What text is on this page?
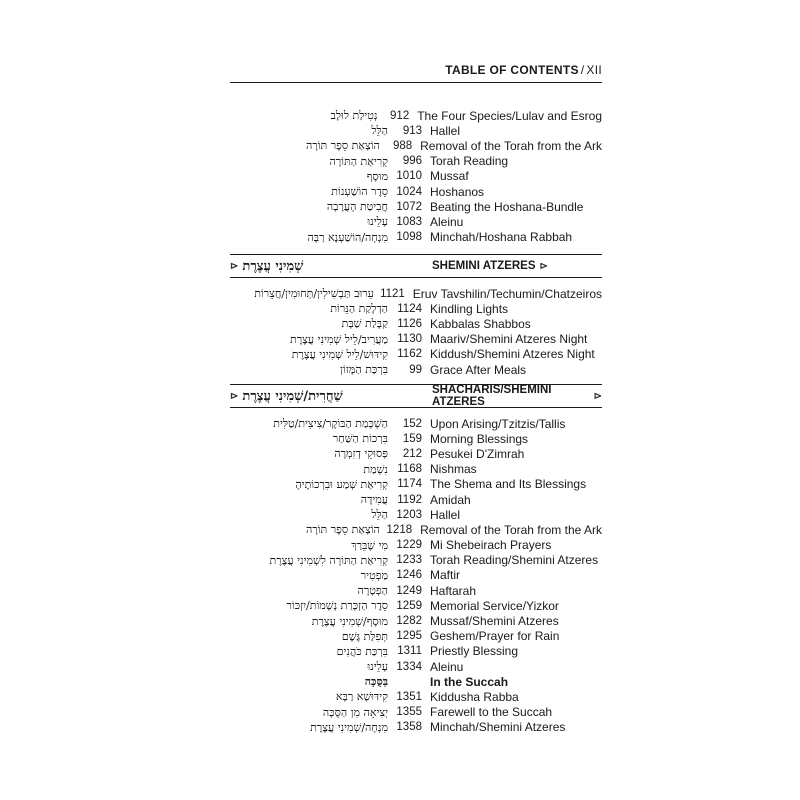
TABLE OF CONTENTS / XII
נְטִילַת לוּלָב	912 The Four Species/Lulav and Esrog
הַלֵּל	913 Hallel
הוֹצָאַת סֵפֶר תּוֹרָה	988 Removal of the Torah from the Ark
קְרִיאַת הַתּוֹרָה	996 Torah Reading
מוּסָף 1010 Mussaf
סֵדֶר הוֹשַׁעְנוֹת 1024 Hoshanos
חֲבִיטַת הָעֲרָבָה 1072 Beating the Hoshana-Bundle
עָלֵינוּ 1083 Aleinu
מִנְחָה/הוֹשַׁעְנָא רַבָּה 1098 Minchah/Hoshana Rabbah
שְׁמִינִי עֲצֶרֶת
⊲	SHEMINI ATZERES ⊳
עֵרוּב תַּבְשִׁילִין/תְּחוּמִין/חֲצֵרוֹת 1121 Eruv Tavshilin/Techumin/Chatzeiros
הַדְלָקַת הַנֵּרוֹת 1124 Kindling Lights
קַבָּלַת שַׁבָּת 1126 Kabbalas Shabbos
מַעֲרִיב/לֵיל שְׁמִינִי עֲצֶרֶת 1130 Maariv/Shemini Atzeres Night
קִידּוּשׁ/לֵיל שְׁמִינִי עֲצֶרֶת 1162 Kiddush/Shemini Atzeres Night
בִּרְכַּת הַמָּזוֹן	99 Grace After Meals
שַׁחֲרִית/שְׁמִינִי עֲצֶרֶת
⊲	SHACHARIS/SHEMINI ATZERES	⊳
הַשְׁכָּמַת הַבּוֹקֶר/צִיצִית/טַלִּית	152 Upon Arising/Tzitzis/Tallis
בִּרְכוֹת הַשַּׁחַר	159 Morning Blessings
פְּסוּקֵי דְזִמְרָה	212 Pesukei D'Zimrah
נִשְׁמַת 1168 Nishmas
קְרִיאַת שְׁמַע וּבִרְכוֹתֶיהָ 1174 The Shema and Its Blessings
עֲמִידָה 1192 Amidah
הַלֵּל 1203 Hallel
הוֹצָאַת סֵפֶר תּוֹרָה 1218 Removal of the Torah from the Ark
מִי שֶׁבֵּרַךְ 1229 Mi Shebeirach Prayers
קְרִיאַת הַתּוֹרָה לִשְׁמִינִי עֲצֶרֶת 1233 Torah Reading/Shemini Atzeres
מַפְטִיר 1246 Maftir
הַפְטָרָה 1249 Haftarah
סֵדֶר הַזְכָּרַת נְשָׁמוֹת/יִזְכּוֹר 1259 Memorial Service/Yizkor
מוּסָף/שְׁמִינִי עֲצֶרֶת 1282 Mussaf/Shemini Atzeres
תְּפִלַּת גֶּשֶׁם 1295 Geshem/Prayer for Rain
בִּרְכַּת כֹּהֲנִים 1311 Priestly Blessing
עָלֵינוּ 1334 Aleinu
בַּסֻּכָּה	In the Succah
קִידּוּשָׁא רַבָּא 1351 Kiddusha Rabba
יְצִיאָה מִן הַסֻּכָּה 1355 Farewell to the Succah
מִנְחָה/שְׁמִינִי עֲצֶרֶת 1358 Minchah/Shemini Atzeres
